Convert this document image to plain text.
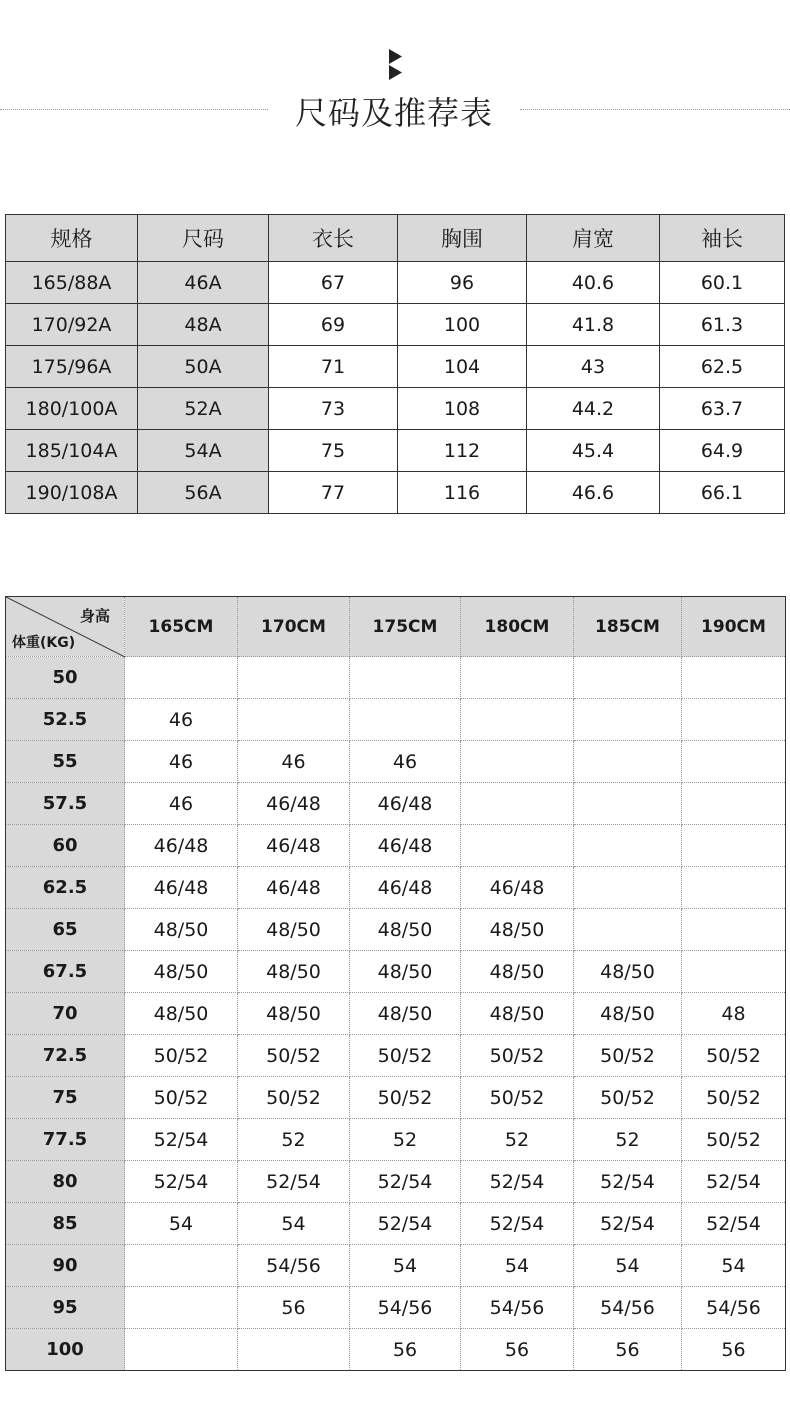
尺码及推荐表
规格	尺码	衣长	胸围	肩宽	袖长
165/88A	46A	67	96	40.6	60.1
170/92A	48A	69	100	41.8	61.3
175/96A	50A	71	104	43	62.5
180/100A	52A	73	108	44.2	63.7
185/104A	54A	75	112	45.4	64.9
190/108A	56A	77	116	46.6	66.1
身高
体重(KG)	165CM	170CM	175CM	180CM	185CM	190CM
50						
52.5	46					
55	46	46	46			
57.5	46	46/48	46/48			
60	46/48	46/48	46/48			
62.5	46/48	46/48	46/48	46/48		
65	48/50	48/50	48/50	48/50		
67.5	48/50	48/50	48/50	48/50	48/50	
70	48/50	48/50	48/50	48/50	48/50	48
72.5	50/52	50/52	50/52	50/52	50/52	50/52
75	50/52	50/52	50/52	50/52	50/52	50/52
77.5	52/54	52	52	52	52	50/52
80	52/54	52/54	52/54	52/54	52/54	52/54
85	54	54	52/54	52/54	52/54	52/54
90		54/56	54	54	54	54
95		56	54/56	54/56	54/56	54/56
100			56	56	56	56
